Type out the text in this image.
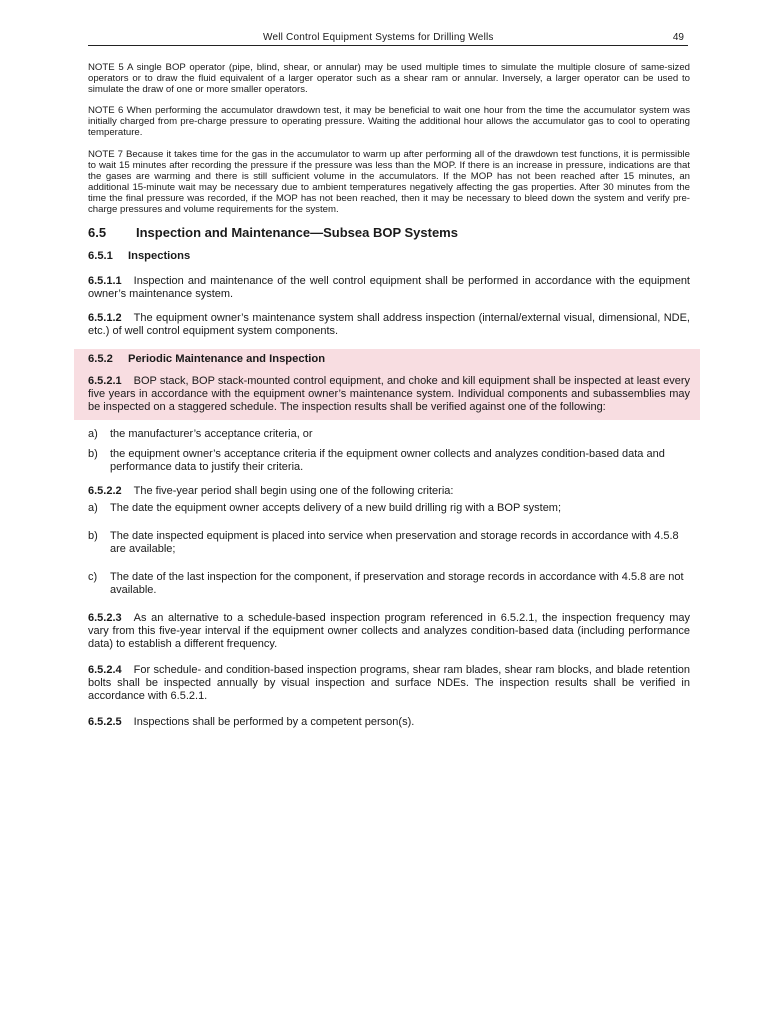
Well Control Equipment Systems for Drilling Wells	49

NOTE 5 A single BOP operator (pipe, blind, shear, or annular) may be used multiple times to simulate the multiple closure of same-sized operators or to draw the fluid equivalent of a larger operator such as a shear ram or annular. Inversely, a larger operator can be used to simulate the draw of one or more smaller operators.

NOTE 6 When performing the accumulator drawdown test, it may be beneficial to wait one hour from the time the accumulator system was initially charged from pre-charge pressure to operating pressure. Waiting the additional hour allows the accumulator gas to cool to operating temperature.

NOTE 7 Because it takes time for the gas in the accumulator to warm up after performing all of the drawdown test functions, it is permissible to wait 15 minutes after recording the pressure if the pressure was less than the MOP. If there is an increase in pressure, indications are that the gases are warming and there is still sufficient volume in the accumulators. If the MOP has not been reached after 15 minutes, an additional 15-minute wait may be necessary due to ambient temperatures negatively affecting the gas properties. After 30 minutes from the time the final pressure was recorded, if the MOP has not been reached, then it may be necessary to bleed down the system and verify pre-charge pressures and volume requirements for the system.

6.5	Inspection and Maintenance—Subsea BOP Systems
6.5.1	Inspections

6.5.1.1 Inspection and maintenance of the well control equipment shall be performed in accordance with the equipment owner’s maintenance system.

6.5.1.2 The equipment owner’s maintenance system shall address inspection (internal/external visual, dimensional, NDE, etc.) of well control equipment system components.

6.5.2	Periodic Maintenance and Inspection

6.5.2.1 BOP stack, BOP stack-mounted control equipment, and choke and kill equipment shall be inspected at least every five years in accordance with the equipment owner’s maintenance system. Individual components and subassemblies may be inspected on a staggered schedule. The inspection results shall be verified against one of the following:

a)	the manufacturer’s acceptance criteria, or
b)	the equipment owner’s acceptance criteria if the equipment owner collects and analyzes condition-based data and performance data to justify their criteria.

6.5.2.2 The five-year period shall begin using one of the following criteria:

a)	The date the equipment owner accepts delivery of a new build drilling rig with a BOP system;
b)	The date inspected equipment is placed into service when preservation and storage records in accordance with 4.5.8 are available;
c)	The date of the last inspection for the component, if preservation and storage records in accordance with 4.5.8 are not available.

6.5.2.3 As an alternative to a schedule-based inspection program referenced in 6.5.2.1, the inspection frequency may vary from this five-year interval if the equipment owner collects and analyzes condition-based data (including performance data) to establish a different frequency.

6.5.2.4 For schedule- and condition-based inspection programs, shear ram blades, shear ram blocks, and blade retention bolts shall be inspected annually by visual inspection and surface NDEs. The inspection results shall be verified in accordance with 6.5.2.1.

6.5.2.5 Inspections shall be performed by a competent person(s).
